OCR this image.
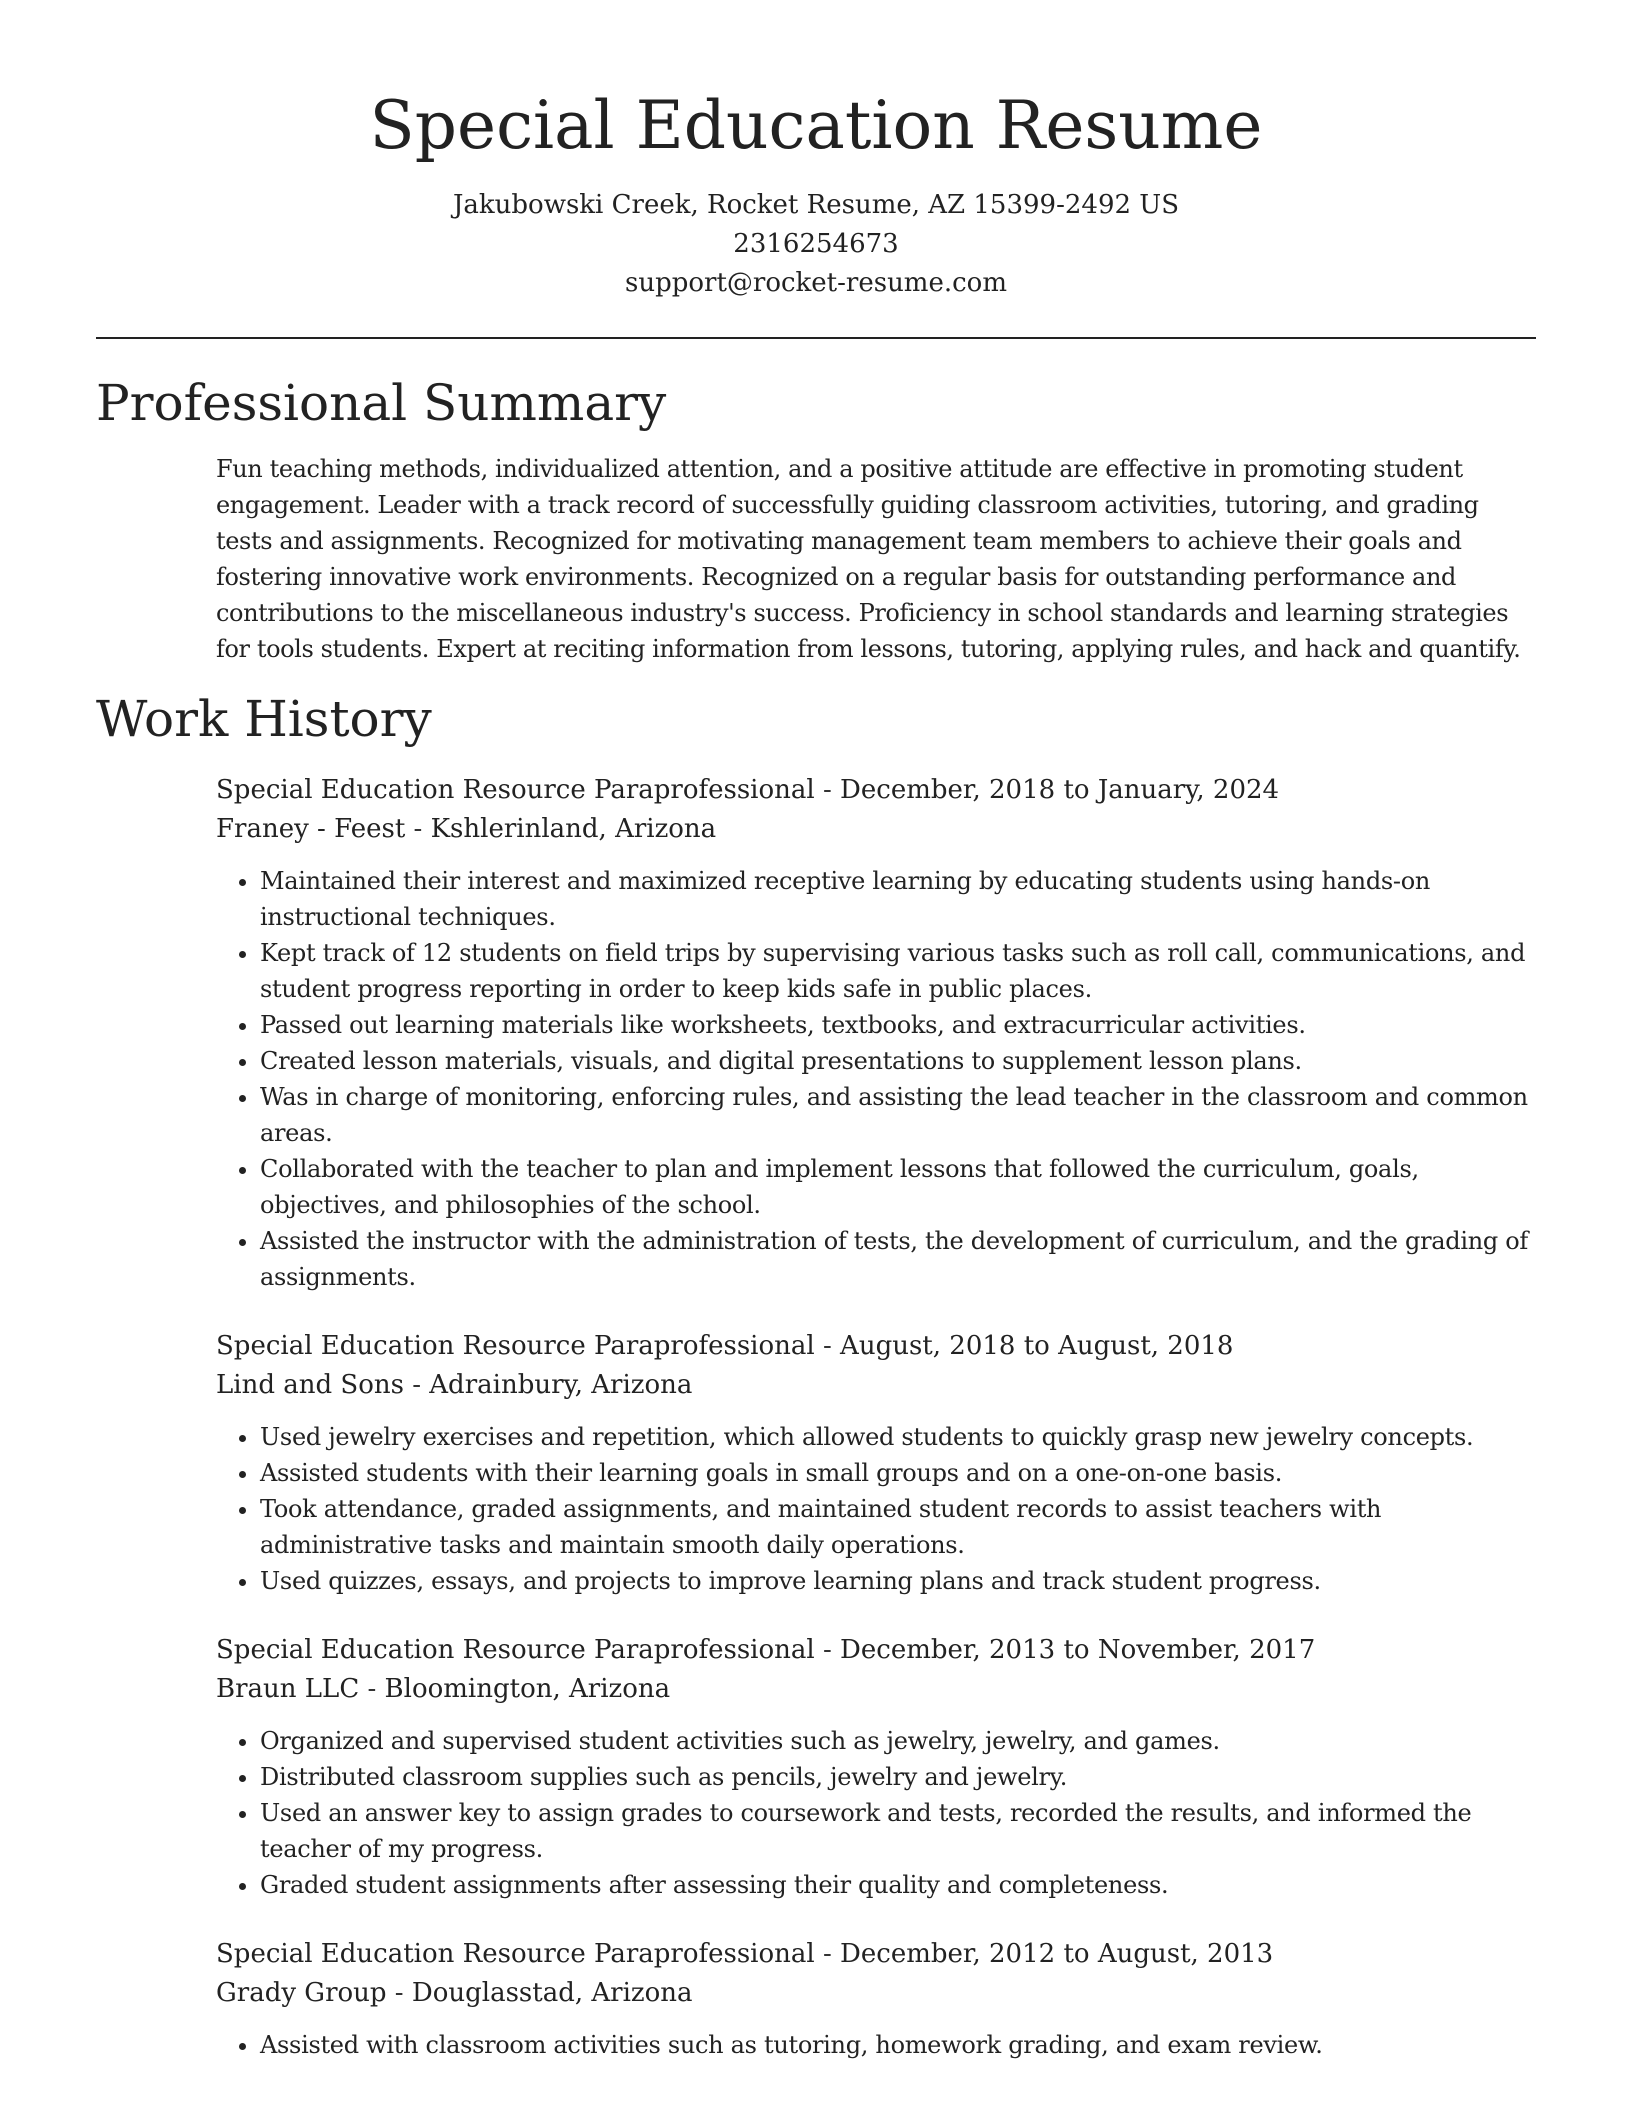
Special Education Resume
Jakubowski Creek, Rocket Resume, AZ 15399-2492 US
2316254673
support@rocket-resume.com
Professional Summary
Fun teaching methods, individualized attention, and a positive attitude are effective in promoting student engagement. Leader with a track record of successfully guiding classroom activities, tutoring, and grading tests and assignments. Recognized for motivating management team members to achieve their goals and fostering innovative work environments. Recognized on a regular basis for outstanding performance and contributions to the miscellaneous industry's success. Proficiency in school standards and learning strategies for tools students. Expert at reciting information from lessons, tutoring, applying rules, and hack and quantify.
Work History
Special Education Resource Paraprofessional - December, 2018 to January, 2024
Franey - Feest - Kshlerinland, Arizona
• Maintained their interest and maximized receptive learning by educating students using hands-on instructional techniques.
• Kept track of 12 students on field trips by supervising various tasks such as roll call, communications, and student progress reporting in order to keep kids safe in public places.
• Passed out learning materials like worksheets, textbooks, and extracurricular activities.
• Created lesson materials, visuals, and digital presentations to supplement lesson plans.
• Was in charge of monitoring, enforcing rules, and assisting the lead teacher in the classroom and common areas.
• Collaborated with the teacher to plan and implement lessons that followed the curriculum, goals, objectives, and philosophies of the school.
• Assisted the instructor with the administration of tests, the development of curriculum, and the grading of assignments.
Special Education Resource Paraprofessional - August, 2018 to August, 2018
Lind and Sons - Adrainbury, Arizona
• Used jewelry exercises and repetition, which allowed students to quickly grasp new jewelry concepts.
• Assisted students with their learning goals in small groups and on a one-on-one basis.
• Took attendance, graded assignments, and maintained student records to assist teachers with administrative tasks and maintain smooth daily operations.
• Used quizzes, essays, and projects to improve learning plans and track student progress.
Special Education Resource Paraprofessional - December, 2013 to November, 2017
Braun LLC - Bloomington, Arizona
• Organized and supervised student activities such as jewelry, jewelry, and games.
• Distributed classroom supplies such as pencils, jewelry and jewelry.
• Used an answer key to assign grades to coursework and tests, recorded the results, and informed the teacher of my progress.
• Graded student assignments after assessing their quality and completeness.
Special Education Resource Paraprofessional - December, 2012 to August, 2013
Grady Group - Douglasstad, Arizona
• Assisted with classroom activities such as tutoring, homework grading, and exam review.
